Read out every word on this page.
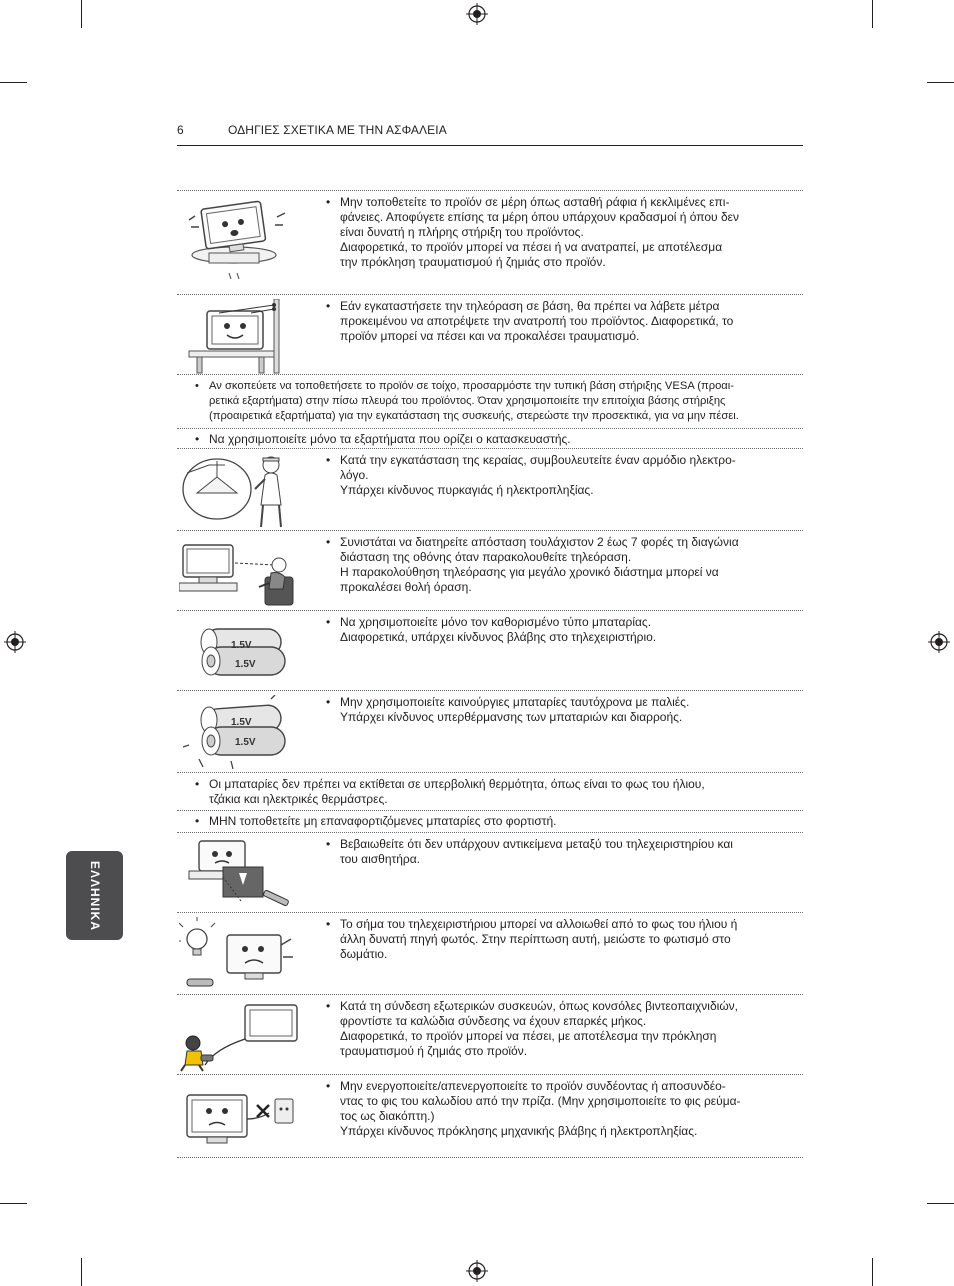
6	ΟΔΗΓΙΕΣ ΣΧΕΤΙΚΑ ΜΕ ΤΗΝ ΑΣΦΑΛΕΙΑ
• Μην τοποθετείτε το προϊόν σε μέρη όπως ασταθή ράφια ή κεκλιμένες επι-
φάνειες. Αποφύγετε επίσης τα μέρη όπου υπάρχουν κραδασμοί ή όπου δεν
είναι δυνατή η πλήρης στήριξη του προϊόντος.
Διαφορετικά, το προϊόν μπορεί να πέσει ή να ανατραπεί, με αποτέλεσμα
την πρόκληση τραυματισμού ή ζημιάς στο προϊόν.
• Εάν εγκαταστήσετε την τηλεόραση σε βάση, θα πρέπει να λάβετε μέτρα
προκειμένου να αποτρέψετε την ανατροπή του προϊόντος. Διαφορετικά, το
προϊόν μπορεί να πέσει και να προκαλέσει τραυματισμό.
• Αν σκοπεύετε να τοποθετήσετε το προϊόν σε τοίχο, προσαρμόστε την τυπική βάση στήριξης VESA (προαι-
ρετικά εξαρτήματα) στην πίσω πλευρά του προϊόντος. Όταν χρησιμοποιείτε την επιτοίχια βάσης στήριξης
(προαιρετικά εξαρτήματα) για την εγκατάσταση της συσκευής, στερεώστε την προσεκτικά, για να μην πέσει.
• Να χρησιμοποιείτε μόνο τα εξαρτήματα που ορίζει ο κατασκευαστής.
• Κατά την εγκατάσταση της κεραίας, συμβουλευτείτε έναν αρμόδιο ηλεκτρο-
λόγο.
Υπάρχει κίνδυνος πυρκαγιάς ή ηλεκτροπληξίας.
• Συνιστάται να διατηρείτε απόσταση τουλάχιστον 2 έως 7 φορές τη διαγώνια
διάσταση της οθόνης όταν παρακολουθείτε τηλεόραση.
Η παρακολούθηση τηλεόρασης για μεγάλο χρονικό διάστημα μπορεί να
προκαλέσει θολή όραση.
1.5V
1.5V
• Να χρησιμοποιείτε μόνο τον καθορισμένο τύπο μπαταρίας.
Διαφορετικά, υπάρχει κίνδυνος βλάβης στο τηλεχειριστήριο.
1.5V
1.5V
• Μην χρησιμοποιείτε καινούργιες μπαταρίες ταυτόχρονα με παλιές.
Υπάρχει κίνδυνος υπερθέρμανσης των μπαταριών και διαρροής.
• Οι μπαταρίες δεν πρέπει να εκτίθεται σε υπερβολική θερμότητα, όπως είναι το φως του ήλιου,
τζάκια και ηλεκτρικές θερμάστρες.
• ΜΗΝ τοποθετείτε μη επαναφορτιζόμενες μπαταρίες στο φορτιστή.
• Βεβαιωθείτε ότι δεν υπάρχουν αντικείμενα μεταξύ του τηλεχειριστηρίου και
του αισθητήρα.
• Το σήμα του τηλεχειριστήριου μπορεί να αλλοιωθεί από το φως του ήλιου ή
άλλη δυνατή πηγή φωτός. Στην περίπτωση αυτή, μειώστε το φωτισμό στο
δωμάτιο.
• Κατά τη σύνδεση εξωτερικών συσκευών, όπως κονσόλες βιντεοπαιχνιδιών,
φροντίστε τα καλώδια σύνδεσης να έχουν επαρκές μήκος.
Διαφορετικά, το προϊόν μπορεί να πέσει, με αποτέλεσμα την πρόκληση
τραυματισμού ή ζημιάς στο προϊόν.
• Μην ενεργοποιείτε/απενεργοποιείτε το προϊόν συνδέοντας ή αποσυνδέο-
ντας το φις του καλωδίου από την πρίζα. (Μην χρησιμοποιείτε το φις ρεύμα-
τος ως διακόπτη.)
Υπάρχει κίνδυνος πρόκλησης μηχανικής βλάβης ή ηλεκτροπληξίας.
ΕΛΛΗΝΙΚΑ
